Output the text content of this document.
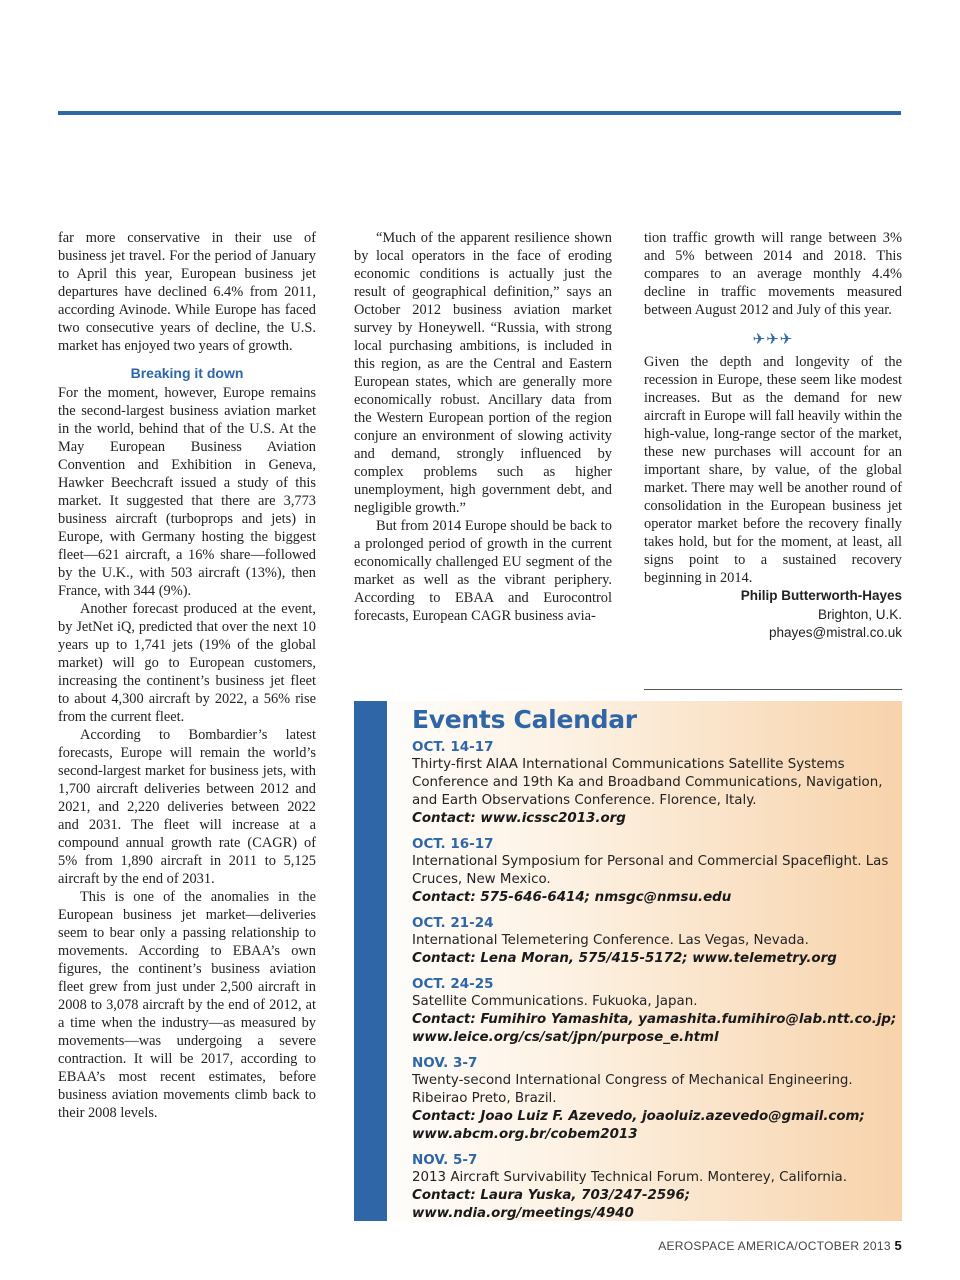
far more conservative in their use of business jet travel. For the period of January to April this year, European business jet departures have declined 6.4% from 2011, according Avinode. While Europe has faced two consecutive years of decline, the U.S. market has enjoyed two years of growth.

Breaking it down

For the moment, however, Europe remains the second-largest business aviation market in the world, behind that of the U.S. At the May European Business Aviation Convention and Exhibition in Geneva, Hawker Beechcraft issued a study of this market. It suggested that there are 3,773 business aircraft (turboprops and jets) in Europe, with Germany hosting the biggest fleet—621 aircraft, a 16% share—followed by the U.K., with 503 aircraft (13%), then France, with 344 (9%).

Another forecast produced at the event, by JetNet iQ, predicted that over the next 10 years up to 1,741 jets (19% of the global market) will go to European customers, increasing the continent’s business jet fleet to about 4,300 aircraft by 2022, a 56% rise from the current fleet.

According to Bombardier’s latest forecasts, Europe will remain the world’s second-largest market for business jets, with 1,700 aircraft deliveries between 2012 and 2021, and 2,220 deliveries between 2022 and 2031. The fleet will increase at a compound annual growth rate (CAGR) of 5% from 1,890 aircraft in 2011 to 5,125 aircraft by the end of 2031.

This is one of the anomalies in the European business jet market—deliveries seem to bear only a passing relationship to movements. According to EBAA’s own figures, the continent’s business aviation fleet grew from just under 2,500 aircraft in 2008 to 3,078 aircraft by the end of 2012, at a time when the industry—as measured by movements—was undergoing a severe contraction. It will be 2017, according to EBAA’s most recent estimates, before business aviation movements climb back to their 2008 levels.

“Much of the apparent resilience shown by local operators in the face of eroding economic conditions is actually just the result of geographical definition,” says an October 2012 business aviation market survey by Honeywell. “Russia, with strong local purchasing ambitions, is included in this region, as are the Central and Eastern European states, which are generally more economically robust. Ancillary data from the Western European portion of the region conjure an environment of slowing activity and demand, strongly influenced by complex problems such as higher unemployment, high government debt, and negligible growth.”

But from 2014 Europe should be back to a prolonged period of growth in the current economically challenged EU segment of the market as well as the vibrant periphery. According to EBAA and Eurocontrol forecasts, European CAGR business avia-

tion traffic growth will range between 3% and 5% between 2014 and 2018. This compares to an average monthly 4.4% decline in traffic movements measured between August 2012 and July of this year.

✈✈✈

Given the depth and longevity of the recession in Europe, these seem like modest increases. But as the demand for new aircraft in Europe will fall heavily within the high-value, long-range sector of the market, these new purchases will account for an important share, by value, of the global market. There may well be another round of consolidation in the European business jet operator market before the recovery finally takes hold, but for the moment, at least, all signs point to a sustained recovery beginning in 2014.

Philip Butterworth-Hayes
Brighton, U.K.
phayes@mistral.co.uk
Events Calendar
OCT. 14-17
Thirty-first AIAA International Communications Satellite Systems Conference and 19th Ka and Broadband Communications, Navigation, and Earth Observations Conference. Florence, Italy.
Contact: www.icssc2013.org
OCT. 16-17
International Symposium for Personal and Commercial Spaceflight. Las Cruces, New Mexico.
Contact: 575-646-6414; nmsgc@nmsu.edu
OCT. 21-24
International Telemetering Conference. Las Vegas, Nevada.
Contact: Lena Moran, 575/415-5172; www.telemetry.org
OCT. 24-25
Satellite Communications. Fukuoka, Japan.
Contact: Fumihiro Yamashita, yamashita.fumihiro@lab.ntt.co.jp; www.leice.org/cs/sat/jpn/purpose_e.html
NOV. 3-7
Twenty-second International Congress of Mechanical Engineering. Ribeirao Preto, Brazil.
Contact: Joao Luiz F. Azevedo, joaoluiz.azevedo@gmail.com; www.abcm.org.br/cobem2013
NOV. 5-7
2013 Aircraft Survivability Technical Forum. Monterey, California.
Contact: Laura Yuska, 703/247-2596; www.ndia.org/meetings/4940
AEROSPACE AMERICA/OCTOBER 2013 5
